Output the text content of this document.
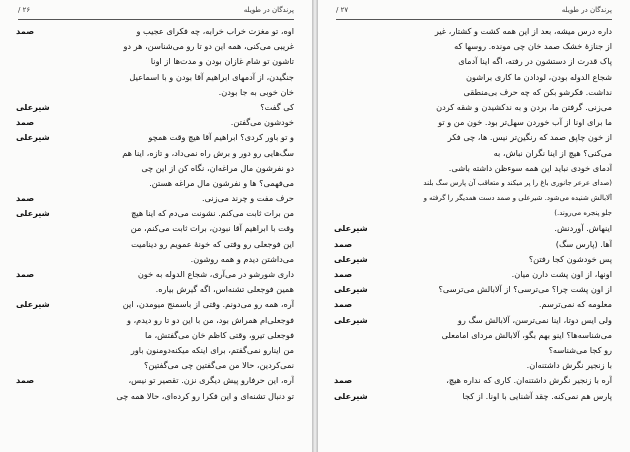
پرندگان در طویله
۲۶ /
صمد	اوه، تو مغزت خراب خرابه، چه فکرای عجیب و
غریبی می‌کنی، همه این دو تا رو می‌شناسن، هر دو
تاشون تو شام غازان بودن و مدت‌ها از اونا
جنگیدن، از آدمهای ابراهیم آقا بودن و با اسماعیل
خان خوبی به جا بودن.
شیرعلی	کی گفت؟
صمد	خودشون می‌گفتن.
شیرعلی	و تو باور کردی؟ ابراهیم آقا هیچ وقت همچو
سگ‌هایی رو دور و برش راه نمی‌داد، و تازه، اینا هم
دو نفرشون مال مراغه‌ان، نگاه کن از این چی
می‌فهمی؟ ها و نفرشون مال مراغه هستن.
صمد	حرف مفت و چرند می‌زنی.
شیرعلی	من برات ثابت می‌کنم. نشونت می‌دم که اینا هیچ
وقت با ابراهیم آقا نبودن، برات ثابت می‌کنم، من
این فوجعلی رو وقتی که خونهٔ عمویم رو دینامیت
می‌داشتن دیدم و همه روشون.
صمد	داری شورشو در می‌آری، شجاع الدوله به خون
همین فوجعلی تشنه‌اس، اگه گیرش بیاره.
شیرعلی	آره، همه رو می‌دونم. وقتی از باسمنج میومدن، این
فوجعلی‌ام همراش بود، من با این دو تا رو دیدم، و
فوجعلی تیرو، وقتی کاظم خان می‌گفتش، ما
من اینارو نمی‌گفتم، برای اینکه میکنه‌دومنون باور
نمی‌کردین، حالا من می‌گفتین چی می‌گفتین؟
صمد	آره، این حرفارو پیش دیگری نزن. تقصیر تو نیس،
تو دنبال تشنه‌ای و این فکرا رو کرده‌ای، حالا همه چی
پرندگان در طویله
۲۷ /
داره درس میشه، بعد از این همه کشت و کشتار، غیر
از جنازهٔ خشک صمد خان چی مونده. روسها که
پاک قدرت از دستشون در رفته، اگه اینا آدمای
شجاع الدوله بودن، لودادن ما کاری براشون
نداشت. فکرشو بکن که چه حرف بی‌منطقی
می‌زنی. گرفتن ما، بردن و به ندکشیدن و شقه کردن
ما برای اونا از آب خوردن سهل‌تر بود. خون من و تو
از خون چاپق صمد که رنگین‌تر نیس. ها، چی فکر
می‌کنی؟ هیچ از اینا نگران نباش، به
آدمای خودی نباید این همه سوءظن داشته باشی.
(صدای عرعر جانوری باغ را پر میکند و متعاقب آن پارس سگ بلند
آلابالش شنیده می‌شود. شیرعلی و صمد دست همدیگر را گرفته و
جلو پنجره می‌روند.)
شیرعلی	اینهاش. آوردنش.
صمد	آها. (پارس سگ)
شیرعلی	پس خودشون کجا رفتن؟
صمد	اونها، از اون پشت دارن میان.
شیرعلی	از اون پشت چرا؟ می‌ترسی؟ از آلابالش می‌ترسی؟
صمد	معلومه که نمی‌ترسم.
شیرعلی	ولی ایس دوتا، اینا نمی‌ترسن، آلابالش سگ رو
می‌شناسه‌ها؟ اینو بهم بگو، آلابالش مردای امامعلی
رو کجا می‌شناسه؟
با زنجیر نگرش داشتنه‌ان.
صمد	آره با زنجیر نگرش داشتنه‌ان. کاری که نداره هیچ،
شیرعلی	پارس هم نمی‌کنه. چقد آشنایی با اونا. از کجا
